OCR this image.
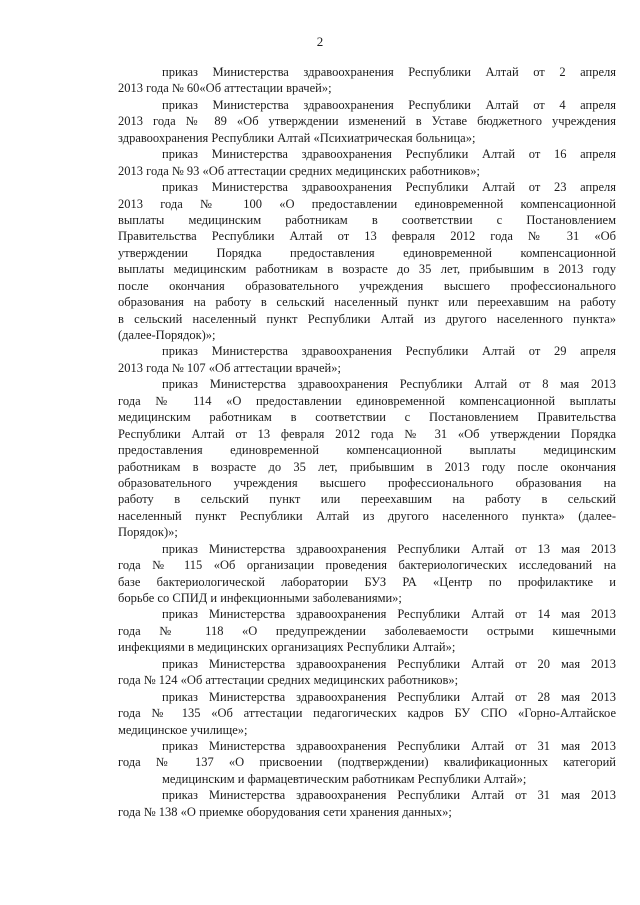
2
приказ Министерства здравоохранения Республики Алтай от 2 апреля
2013 года № 60«Об аттестации врачей»;
приказ Министерства здравоохранения Республики Алтай от 4 апреля
2013 года № 89 «Об утверждении изменений в Уставе бюджетного учреждения
здравоохранения Республики Алтай «Психиатрическая больница»;
приказ Министерства здравоохранения Республики Алтай от 16 апреля
2013 года № 93 «Об аттестации средних медицинских работников»;
приказ Министерства здравоохранения Республики Алтай от 23 апреля
2013 года № 100 «О предоставлении единовременной компенсационной
выплаты медицинским работникам в соответствии с Постановлением
Правительства Республики Алтай от 13 февраля 2012 года № 31 «Об
утверждении Порядка предоставления единовременной компенсационной
выплаты медицинским работникам в возрасте до 35 лет, прибывшим в 2013 году
после окончания образовательного учреждения высшего профессионального
образования на работу в сельский населенный пункт или переехавшим на работу
в сельский населенный пункт Республики Алтай из другого населенного пункта»
(далее-Порядок)»;
приказ Министерства здравоохранения Республики Алтай от 29 апреля
2013 года № 107 «Об аттестации врачей»;
приказ Министерства здравоохранения Республики Алтай от 8 мая 2013
года № 114 «О предоставлении единовременной компенсационной выплаты
медицинским работникам в соответствии с Постановлением Правительства
Республики Алтай от 13 февраля 2012 года № 31 «Об утверждении Порядка
предоставления единовременной компенсационной выплаты медицинским
работникам в возрасте до 35 лет, прибывшим в 2013 году после окончания
образовательного учреждения высшего профессионального образования на
работу в сельский пункт или переехавшим на работу в сельский
населенный пункт Республики Алтай из другого населенного пункта» (далее-
Порядок)»;
приказ Министерства здравоохранения Республики Алтай от 13 мая 2013
года № 115 «Об организации проведения бактериологических исследований на
базе бактериологической лаборатории БУЗ РА «Центр по профилактике и
борьбе со СПИД и инфекционными заболеваниями»;
приказ Министерства здравоохранения Республики Алтай от 14 мая 2013
года № 118 «О предупреждении заболеваемости острыми кишечными
инфекциями в медицинских организациях Республики Алтай»;
приказ Министерства здравоохранения Республики Алтай от 20 мая 2013
года № 124 «Об аттестации средних медицинских работников»;
приказ Министерства здравоохранения Республики Алтай от 28 мая 2013
года № 135 «Об аттестации педагогических кадров БУ СПО «Горно-Алтайское
медицинское училище»;
приказ Министерства здравоохранения Республики Алтай от 31 мая 2013
года № 137 «О присвоении (подтверждении) квалификационных категорий
медицинским и фармацевтическим работникам Республики Алтай»;
приказ Министерства здравоохранения Республики Алтай от 31 мая 2013
года № 138 «О приемке оборудования сети хранения данных»;
